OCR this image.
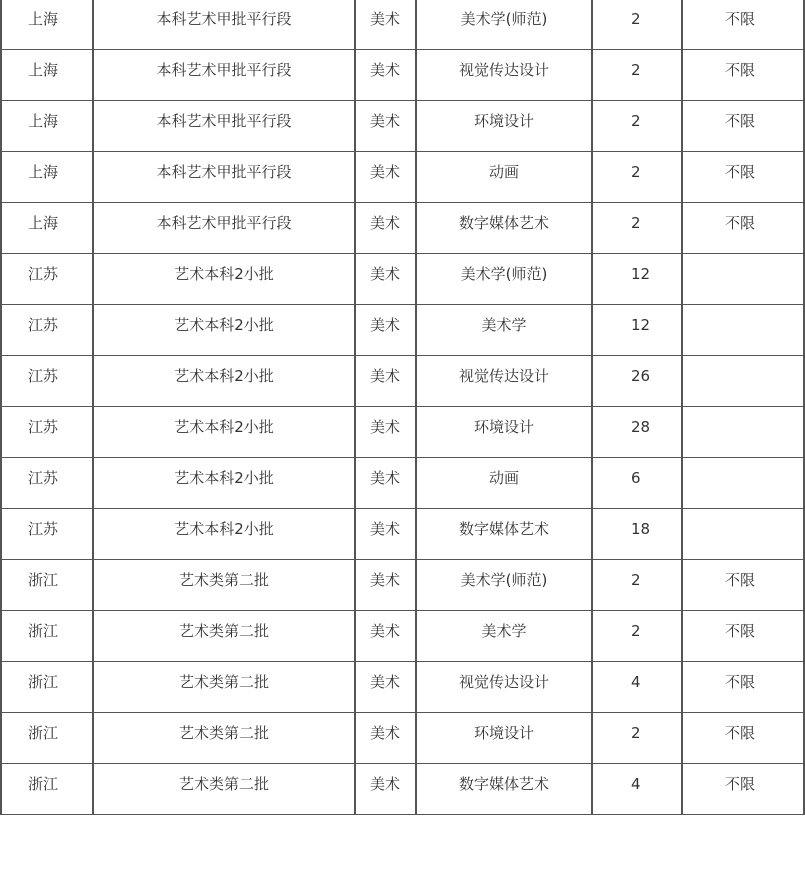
上海	本科艺术甲批平行段	美术	美术学(师范)	2	不限
上海	本科艺术甲批平行段	美术	视觉传达设计	2	不限
上海	本科艺术甲批平行段	美术	环境设计	2	不限
上海	本科艺术甲批平行段	美术	动画	2	不限
上海	本科艺术甲批平行段	美术	数字媒体艺术	2	不限
江苏	艺术本科2小批	美术	美术学(师范)	12	
江苏	艺术本科2小批	美术	美术学	12	
江苏	艺术本科2小批	美术	视觉传达设计	26	
江苏	艺术本科2小批	美术	环境设计	28	
江苏	艺术本科2小批	美术	动画	6	
江苏	艺术本科2小批	美术	数字媒体艺术	18	
浙江	艺术类第二批	美术	美术学(师范)	2	不限
浙江	艺术类第二批	美术	美术学	2	不限
浙江	艺术类第二批	美术	视觉传达设计	4	不限
浙江	艺术类第二批	美术	环境设计	2	不限
浙江	艺术类第二批	美术	数字媒体艺术	4	不限
